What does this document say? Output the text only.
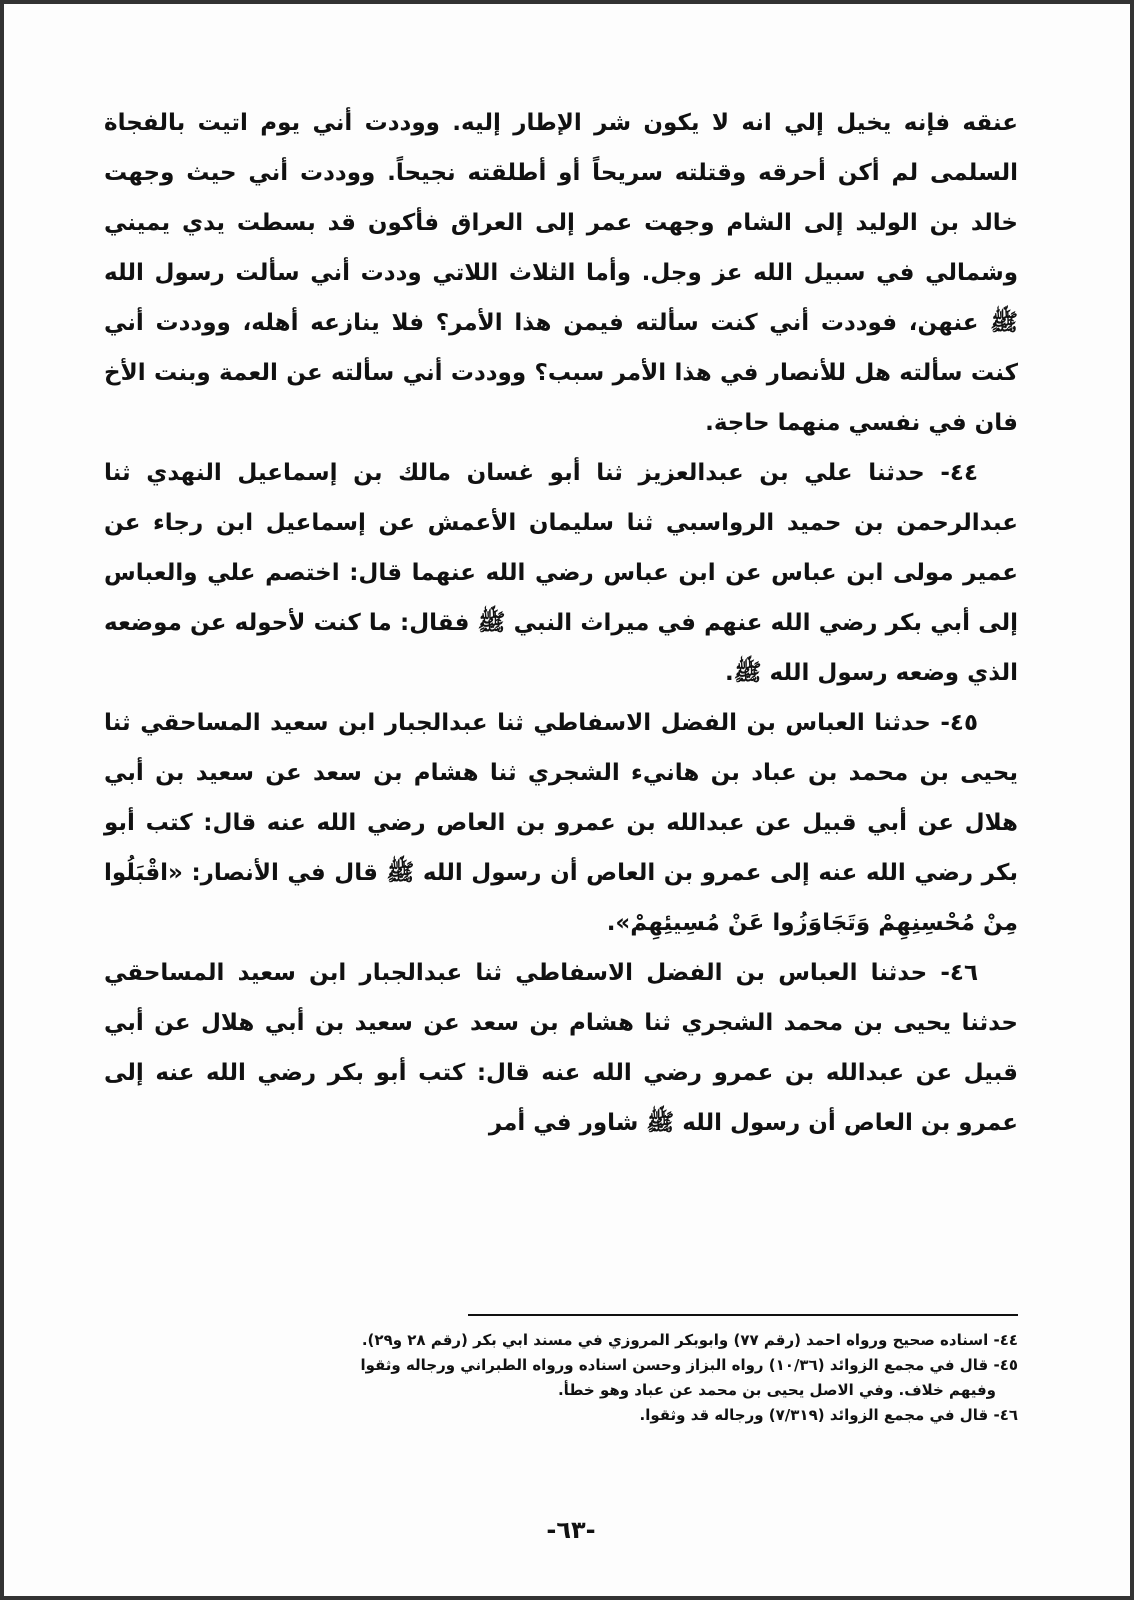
عنقه فإنه يخيل إلي انه لا يكون شر الإطار إليه. ووددت أني يوم اتيت بالفجاة السلمى لم أكن أحرقه وقتلته سريحاً أو أطلقته نجيحاً. ووددت أني حيث وجهت خالد بن الوليد إلى الشام وجهت عمر إلى العراق فأكون قد بسطت يدي يميني وشمالي في سبيل الله عز وجل. وأما الثلاث اللاتي وددت أني سألت رسول الله ﷺ عنهن، فوددت أني كنت سألته فيمن هذا الأمر؟ فلا ينازعه أهله، ووددت أني كنت سألته هل للأنصار في هذا الأمر سبب؟ ووددت أني سألته عن العمة وبنت الأخ فان في نفسي منهما حاجة.

٤٤- حدثنا علي بن عبدالعزيز ثنا أبو غسان مالك بن إسماعيل النهدي ثنا عبدالرحمن بن حميد الرواسبي ثنا سليمان الأعمش عن إسماعيل ابن رجاء عن عمير مولى ابن عباس عن ابن عباس رضي الله عنهما قال: اختصم علي والعباس إلى أبي بكر رضي الله عنهم في ميراث النبي ﷺ فقال: ما كنت لأحوله عن موضعه الذي وضعه رسول الله ﷺ.

٤٥- حدثنا العباس بن الفضل الاسفاطي ثنا عبدالجبار ابن سعيد المساحقي ثنا يحيى بن محمد بن عباد بن هانيء الشجري ثنا هشام بن سعد عن سعيد بن أبي هلال عن أبي قبيل عن عبدالله بن عمرو بن العاص رضي الله عنه قال: كتب أبو بكر رضي الله عنه إلى عمرو بن العاص أن رسول الله ﷺ قال في الأنصار: «اقْبَلُوا مِنْ مُحْسِنِهِمْ وَتَجَاوَزُوا عَنْ مُسِيئِهِمْ».

٤٦- حدثنا العباس بن الفضل الاسفاطي ثنا عبدالجبار ابن سعيد المساحقي حدثنا يحيى بن محمد الشجري ثنا هشام بن سعد عن سعيد بن أبي هلال عن أبي قبيل عن عبدالله بن عمرو رضي الله عنه قال: كتب أبو بكر رضي الله عنه إلى عمرو بن العاص أن رسول الله ﷺ شاور في أمر

٤٤- اسناده صحيح ورواه احمد (رقم ٧٧) وابوبكر المروزي في مسند ابي بكر (رقم ٢٨ و٢٩).

٤٥- قال في مجمع الزوائد (١٠/٣٦) رواه البزاز وحسن اسناده ورواه الطبراني ورجاله وثقوا

وفيهم خلاف. وفي الاصل يحيى بن محمد عن عباد وهو خطأ.

٤٦- قال في مجمع الزوائد (٧/٣١٩) ورجاله قد وثقوا.

-٦٣-
